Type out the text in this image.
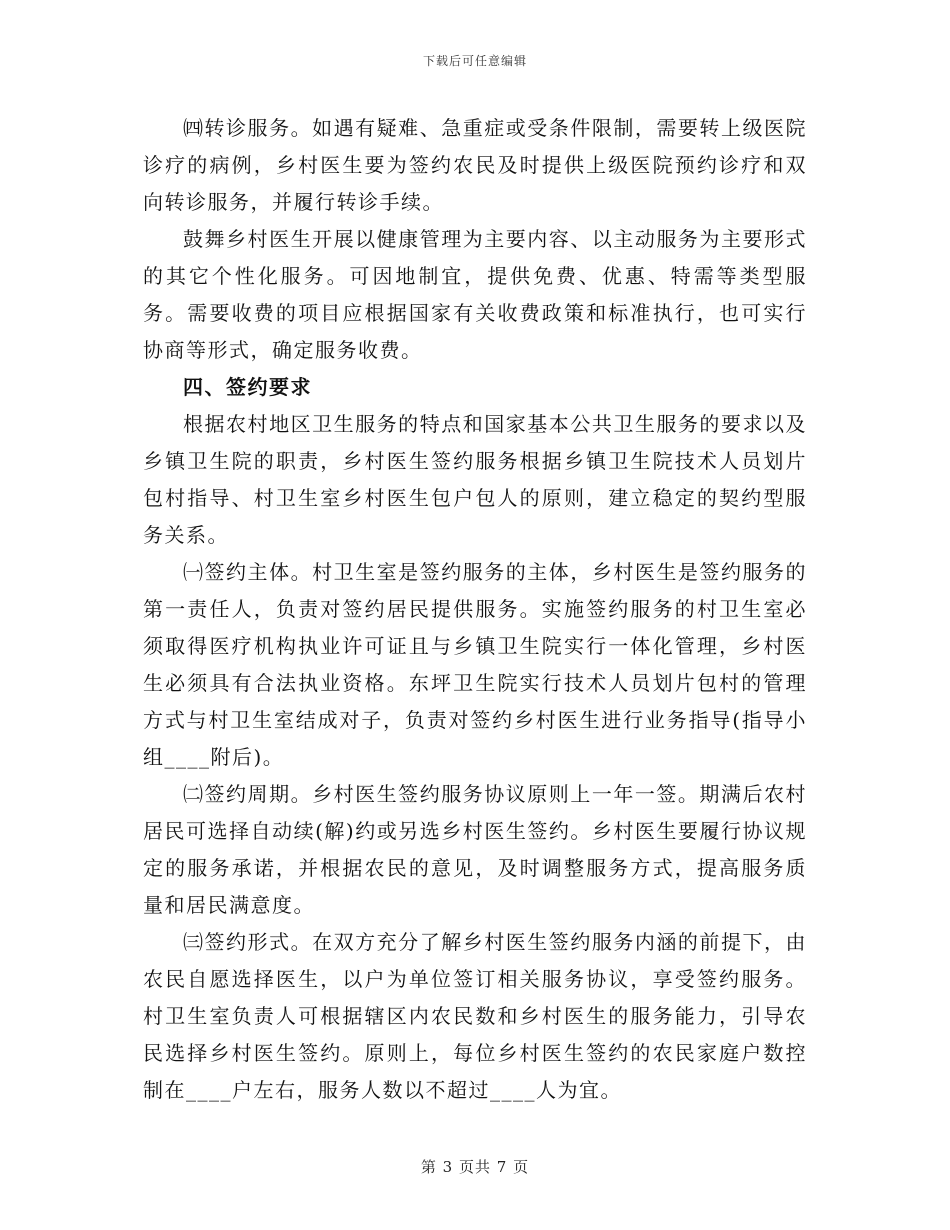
下载后可任意编辑

㈣转诊服务。如遇有疑难、急重症或受条件限制，需要转上级医院诊疗的病例，乡村医生要为签约农民及时提供上级医院预约诊疗和双向转诊服务，并履行转诊手续。

鼓舞乡村医生开展以健康管理为主要内容、以主动服务为主要形式的其它个性化服务。可因地制宜，提供免费、优惠、特需等类型服务。需要收费的项目应根据国家有关收费政策和标准执行，也可实行协商等形式，确定服务收费。

四、签约要求

根据农村地区卫生服务的特点和国家基本公共卫生服务的要求以及乡镇卫生院的职责，乡村医生签约服务根据乡镇卫生院技术人员划片包村指导、村卫生室乡村医生包户包人的原则，建立稳定的契约型服务关系。

㈠签约主体。村卫生室是签约服务的主体，乡村医生是签约服务的第一责任人，负责对签约居民提供服务。实施签约服务的村卫生室必须取得医疗机构执业许可证且与乡镇卫生院实行一体化管理，乡村医生必须具有合法执业资格。东坪卫生院实行技术人员划片包村的管理方式与村卫生室结成对子，负责对签约乡村医生进行业务指导(指导小组____附后)。

㈡签约周期。乡村医生签约服务协议原则上一年一签。期满后农村居民可选择自动续(解)约或另选乡村医生签约。乡村医生要履行协议规定的服务承诺，并根据农民的意见，及时调整服务方式，提高服务质量和居民满意度。

㈢签约形式。在双方充分了解乡村医生签约服务内涵的前提下，由农民自愿选择医生，以户为单位签订相关服务协议，享受签约服务。村卫生室负责人可根据辖区内农民数和乡村医生的服务能力，引导农民选择乡村医生签约。原则上，每位乡村医生签约的农民家庭户数控制在____户左右，服务人数以不超过____人为宜。

第 3 页共 7 页
